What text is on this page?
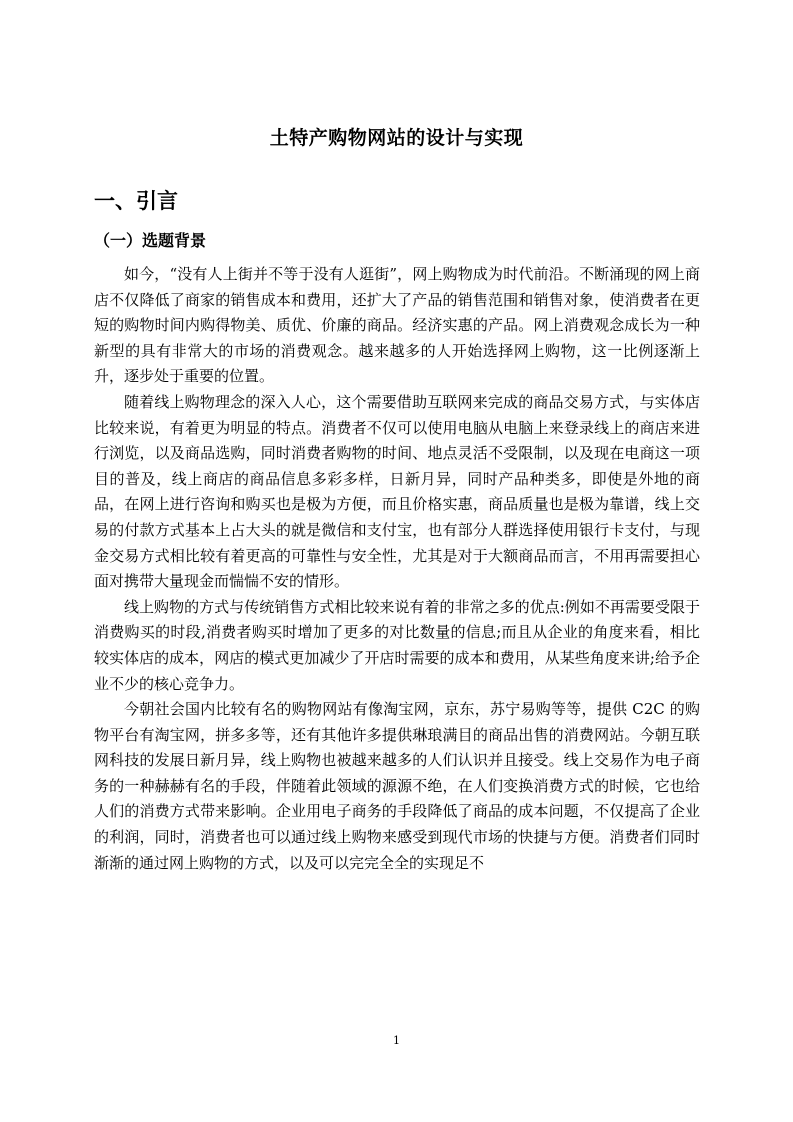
土特产购物网站的设计与实现
一、引言
（一）选题背景

如今，“没有人上街并不等于没有人逛街”，网上购物成为时代前沿。不断涌现的网上商店不仅降低了商家的销售成本和费用，还扩大了产品的销售范围和销售对象，使消费者在更短的购物时间内购得物美、质优、价廉的商品。经济实惠的产品。网上消费观念成长为一种新型的具有非常大的市场的消费观念。越来越多的人开始选择网上购物，这一比例逐渐上升，逐步处于重要的位置。

随着线上购物理念的深入人心，这个需要借助互联网来完成的商品交易方式，与实体店比较来说，有着更为明显的特点。消费者不仅可以使用电脑从电脑上来登录线上的商店来进行浏览，以及商品选购，同时消费者购物的时间、地点灵活不受限制，以及现在电商这一项目的普及，线上商店的商品信息多彩多样，日新月异，同时产品种类多，即使是外地的商品，在网上进行咨询和购买也是极为方便，而且价格实惠，商品质量也是极为靠谱，线上交易的付款方式基本上占大头的就是微信和支付宝，也有部分人群选择使用银行卡支付，与现金交易方式相比较有着更高的可靠性与安全性，尤其是对于大额商品而言，不用再需要担心面对携带大量现金而惴惴不安的情形。

线上购物的方式与传统销售方式相比较来说有着的非常之多的优点:例如不再需要受限于消费购买的时段,消费者购买时增加了更多的对比数量的信息;而且从企业的角度来看，相比较实体店的成本，网店的模式更加减少了开店时需要的成本和费用，从某些角度来讲;给予企业不少的核心竞争力。

今朝社会国内比较有名的购物网站有像淘宝网，京东，苏宁易购等等，提供 C2C 的购物平台有淘宝网，拼多多等，还有其他许多提供琳琅满目的商品出售的消费网站。今朝互联网科技的发展日新月异，线上购物也被越来越多的人们认识并且接受。线上交易作为电子商务的一种赫赫有名的手段，伴随着此领域的源源不绝，在人们变换消费方式的时候，它也给人们的消费方式带来影响。企业用电子商务的手段降低了商品的成本问题，不仅提高了企业的利润，同时，消费者也可以通过线上购物来感受到现代市场的快捷与方便。消费者们同时渐渐的通过网上购物的方式，以及可以完完全全的实现足不

1
